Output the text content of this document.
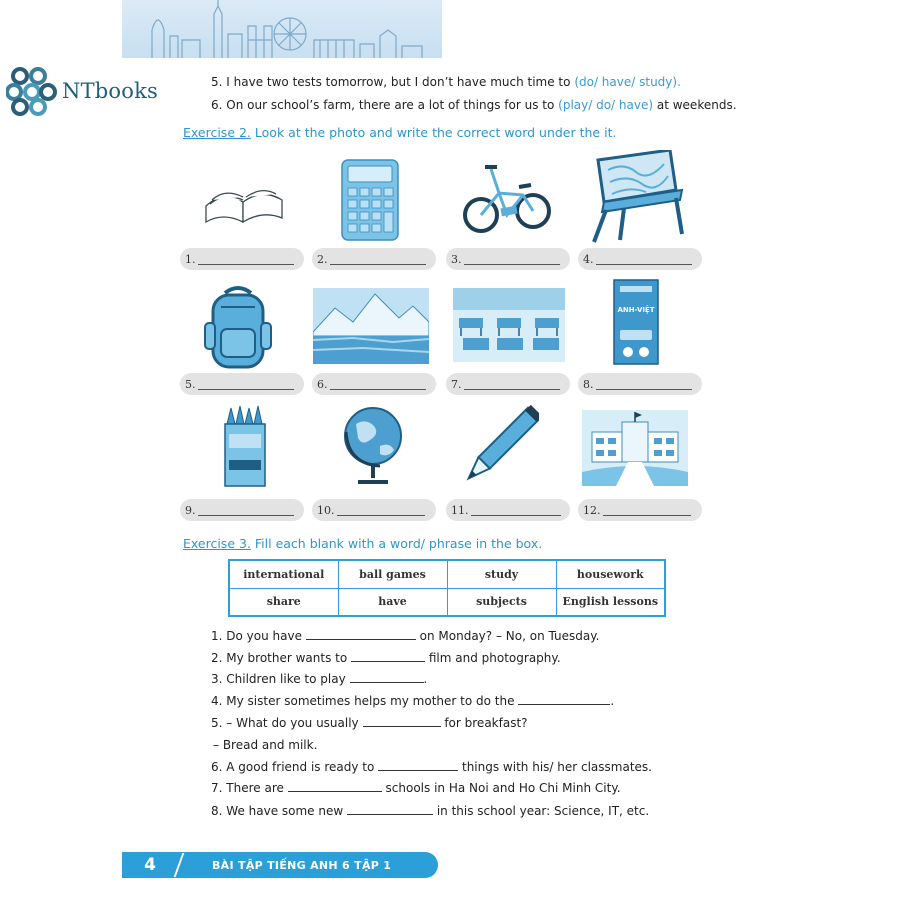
NTbooks	5. I have two tests tomorrow, but I don’t have much time to (do/ have/ study).
6. On our school’s farm, there are a lot of things for us to (play/ do/ have) at weekends.
Exercise 2. Look at the photo and write the correct word under the it.
1.	2.	3.	4.
ANH-VIỆT
5.	6.	7.	8.
9.	10.	11.	12.
Exercise 3. Fill each blank with a word/ phrase in the box.
international	ball games	study	housework
share	have	subjects	English lessons
1. Do you have	on Monday? – No, on Tuesday.
2. My brother wants to	film and photography.
3. Children like to play	.
4. My sister sometimes helps my mother to do the	.
5. – What do you usually	for breakfast?
– Bread and milk.
6. A good friend is ready to	things with his/ her classmates.
7. There are	schools in Ha Noi and Ho Chi Minh City.
8. We have some new	in this school year: Science, IT, etc.
4	BÀI TẬP TIẾNG ANH 6 TẬP 1
